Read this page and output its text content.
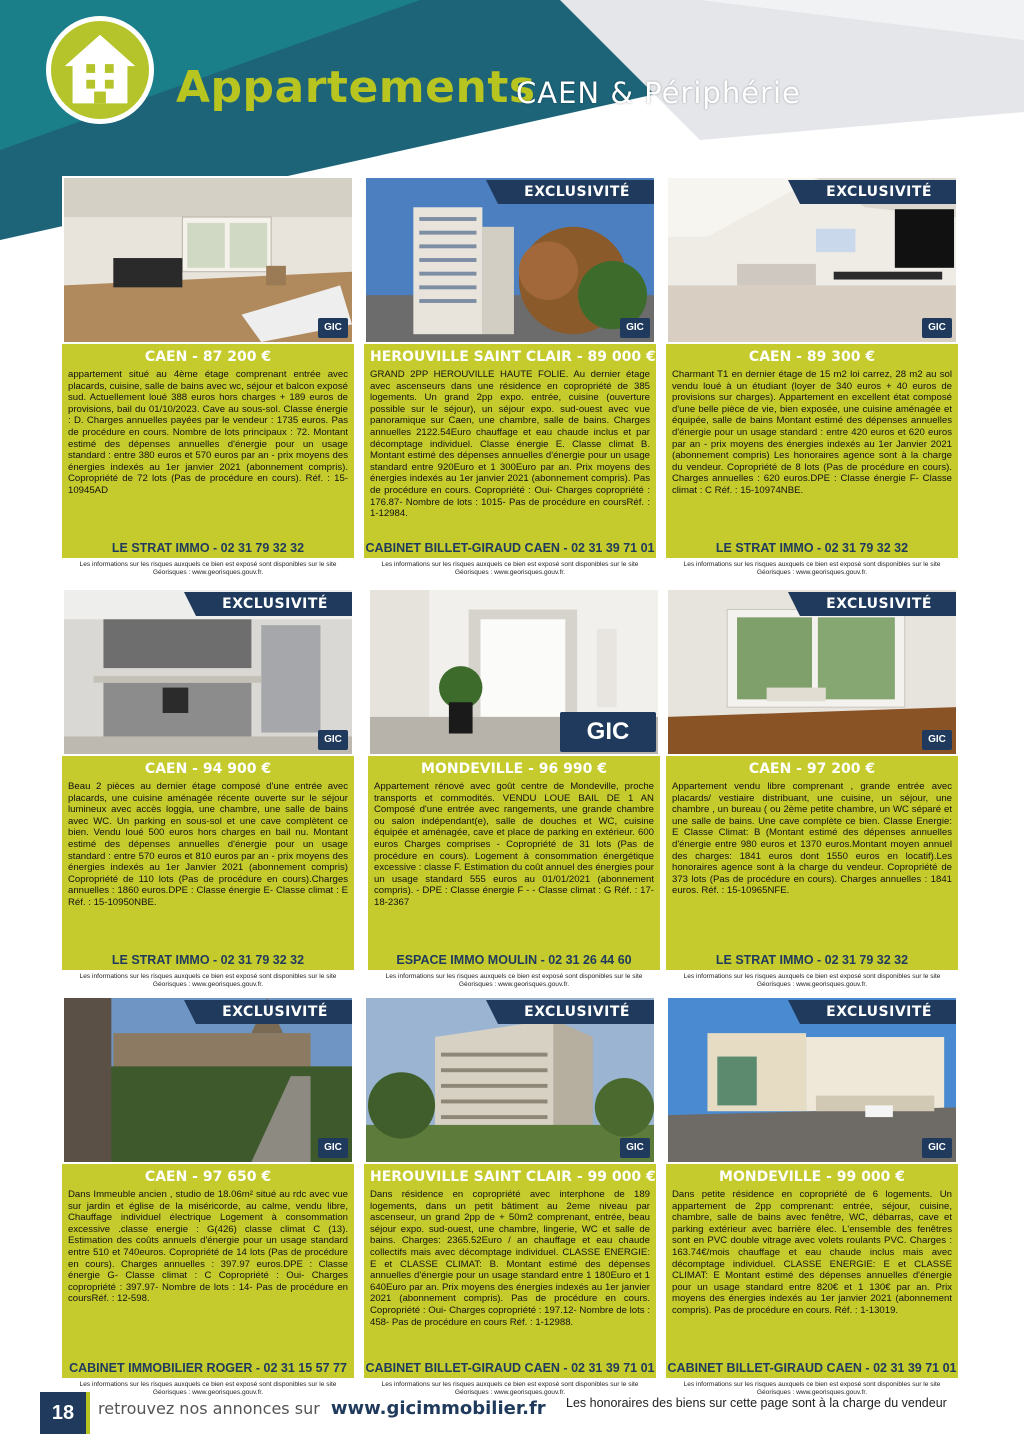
Appartements
CAEN & Périphérie
GIC
CAEN - 87 200 €
appartement situé au 4ème étage comprenant entrée avec placards, cuisine, salle de bains avec wc, séjour et balcon exposé sud. Actuellement loué 388 euros hors charges + 189 euros de provisions, bail du 01/10/2023. Cave au sous-sol. Classe énergie : D. Charges annuelles payées par le vendeur : 1735 euros. Pas de procédure en cours. Nombre de lots principaux : 72. Montant estimé des dépenses annuelles d'énergie pour un usage standard : entre 380 euros et 570 euros par an - prix moyens des énergies indexés au 1er janvier 2021 (abonnement compris). Copropriété de 72 lots (Pas de procédure en cours). Réf. : 15-10945AD
LE STRAT IMMO - 02 31 79 32 32
Les informations sur les risques auxquels ce bien est exposé sont disponibles sur le site
Géorisques : www.georisques.gouv.fr.
EXCLUSIVITÉ
GIC
HEROUVILLE SAINT CLAIR - 89 000 €
GRAND 2PP HEROUVILLE HAUTE FOLIE. Au dernier étage avec ascenseurs dans une résidence en copropriété de 385 logements. Un grand 2pp expo. entrée, cuisine (ouverture possible sur le séjour), un séjour expo. sud-ouest avec vue panoramique sur Caen, une chambre, salle de bains. Charges annuelles 2122.54Euro chauffage et eau chaude inclus et par décomptage individuel. Classe énergie E. Classe climat B. Montant estimé des dépenses annuelles d'énergie pour un usage standard entre 920Euro et 1 300Euro par an. Prix moyens des énergies indexés au 1er janvier 2021 (abonnement compris). Pas de procédure en cours. Copropriété : Oui- Charges copropriété : 176.87- Nombre de lots : 1015- Pas de procédure en coursRéf. : 1-12984.
CABINET BILLET-GIRAUD CAEN - 02 31 39 71 01
Les informations sur les risques auxquels ce bien est exposé sont disponibles sur le site
Géorisques : www.georisques.gouv.fr.
EXCLUSIVITÉ
GIC
CAEN - 89 300 €
Charmant T1 en dernier étage de 15 m2 loi carrez, 28 m2 au sol vendu loué à un étudiant (loyer de 340 euros + 40 euros de provisions sur charges). Appartement en excellent état composé d'une belle pièce de vie, bien exposée, une cuisine aménagée et équipée, salle de bains Montant estimé des dépenses annuelles d'énergie pour un usage standard : entre 420 euros et 620 euros par an - prix moyens des énergies indexés au 1er Janvier 2021 (abonnement compris) Les honoraires agence sont à la charge du vendeur. Copropriété de 8 lots (Pas de procédure en cours). Charges annuelles : 620 euros.DPE : Classe énergie F- Classe climat : C Réf. : 15-10974NBE.
LE STRAT IMMO - 02 31 79 32 32
Les informations sur les risques auxquels ce bien est exposé sont disponibles sur le site
Géorisques : www.georisques.gouv.fr.
EXCLUSIVITÉ
GIC
CAEN - 94 900 €
Beau 2 pièces au dernier étage composé d'une entrée avec placards, une cuisine aménagée récente ouverte sur le séjour lumineux avec accès loggia, une chambre, une salle de bains avec WC. Un parking en sous-sol et une cave complètent ce bien. Vendu loué 500 euros hors charges en bail nu. Montant estimé des dépenses annuelles d'énergie pour un usage standard : entre 570 euros et 810 euros par an - prix moyens des énergies indexés au 1er Janvier 2021 (abonnement compris) Copropriété de 110 lots (Pas de procédure en cours).Charges annuelles : 1860 euros.DPE : Classe énergie E- Classe climat : E Réf. : 15-10950NBE.
LE STRAT IMMO - 02 31 79 32 32
Les informations sur les risques auxquels ce bien est exposé sont disponibles sur le site
Géorisques : www.georisques.gouv.fr.
GIC
MONDEVILLE - 96 990 €
Appartement rénové avec goût centre de Mondeville, proche transports et commodités. VENDU LOUE BAIL DE 1 AN Composé d'une entrée avec rangements, une grande chambre ou salon indépendant(e), salle de douches et WC, cuisine équipée et aménagée, cave et place de parking en extérieur. 600 euros Charges comprises - Copropriété de 31 lots (Pas de procédure en cours). Logement à consommation énergétique excessive : classe F. Estimation du coût annuel des énergies pour un usage standard 555 euros au 01/01/2021 (abonnement compris). - DPE : Classe énergie F - - Classe climat : G Réf. : 17-18-2367
ESPACE IMMO MOULIN - 02 31 26 44 60
Les informations sur les risques auxquels ce bien est exposé sont disponibles sur le site
Géorisques : www.georisques.gouv.fr.
EXCLUSIVITÉ
GIC
CAEN - 97 200 €
Appartement vendu libre comprenant , grande entrée avec placards/ vestiaire distribuant, une cuisine, un séjour, une chambre , un bureau ( ou 2ème petite chambre, un WC séparé et une salle de bains. Une cave complète ce bien. Classe Energie: E Classe Climat: B (Montant estimé des dépenses annuelles d'énergie entre 980 euros et 1370 euros.Montant moyen annuel des charges: 1841 euros dont 1550 euros en locatif).Les honoraires agence sont à la charge du vendeur. Copropriété de 373 lots (Pas de procédure en cours). Charges annuelles : 1841 euros. Réf. : 15-10965NFE.
LE STRAT IMMO - 02 31 79 32 32
Les informations sur les risques auxquels ce bien est exposé sont disponibles sur le site
Géorisques : www.georisques.gouv.fr.
EXCLUSIVITÉ
GIC
CAEN - 97 650 €
Dans Immeuble ancien , studio de 18.06m² situé au rdc avec vue sur jardin et église de la miséricorde, au calme, vendu libre, Chauffage individuel électrique Logement à consommation excessive .classe energie : G(426) classe climat C (13). Estimation des coûts annuels d'énergie pour un usage standard entre 510 et 740euros. Copropriété de 14 lots (Pas de procédure en cours). Charges annuelles : 397.97 euros.DPE : Classe énergie G- Classe climat : C Copropriété : Oui- Charges copropriété : 397.97- Nombre de lots : 14- Pas de procédure en coursRéf. : 12-598.
CABINET IMMOBILIER ROGER - 02 31 15 57 77
Les informations sur les risques auxquels ce bien est exposé sont disponibles sur le site
Géorisques : www.georisques.gouv.fr.
EXCLUSIVITÉ
GIC
HEROUVILLE SAINT CLAIR - 99 000 €
Dans résidence en copropriété avec interphone de 189 logements, dans un petit bâtiment au 2eme niveau par ascenseur, un grand 2pp de + 50m2 comprenant, entrée, beau séjour expo. sud-ouest, une chambre, lingerie, WC et salle de bains. Charges: 2365.52Euro / an chauffage et eau chaude collectifs mais avec décomptage individuel. CLASSE ENERGIE: E et CLASSE CLIMAT: B. Montant estimé des dépenses annuelles d'énergie pour un usage standard entre 1 180Euro et 1 640Euro par an. Prix moyens des énergies indexés au 1er janvier 2021 (abonnement compris). Pas de procédure en cours. Copropriété : Oui- Charges copropriété : 197.12- Nombre de lots : 458- Pas de procédure en cours Réf. : 1-12988.
CABINET BILLET-GIRAUD CAEN - 02 31 39 71 01
Les informations sur les risques auxquels ce bien est exposé sont disponibles sur le site
Géorisques : www.georisques.gouv.fr.
EXCLUSIVITÉ
GIC
MONDEVILLE - 99 000 €
Dans petite résidence en copropriété de 6 logements. Un appartement de 2pp comprenant: entrée, séjour, cuisine, chambre, salle de bains avec fenêtre, WC, débarras, cave et parking extérieur avec barrière élec. L'ensemble des fenêtres sont en PVC double vitrage avec volets roulants PVC. Charges : 163.74€/mois chauffage et eau chaude inclus mais avec décomptage individuel. CLASSE ENERGIE: E et CLASSE CLIMAT: E Montant estimé des dépenses annuelles d'énergie pour un usage standard entre 820€ et 1 130€ par an. Prix moyens des énergies indexés au 1er janvier 2021 (abonnement compris). Pas de procédure en cours. Réf. : 1-13019.
CABINET BILLET-GIRAUD CAEN - 02 31 39 71 01
Les informations sur les risques auxquels ce bien est exposé sont disponibles sur le site
Géorisques : www.georisques.gouv.fr.
18	retrouvez nos annonces sur www.gicimmobilier.fr Les honoraires des biens sur cette page sont à la charge du vendeur
